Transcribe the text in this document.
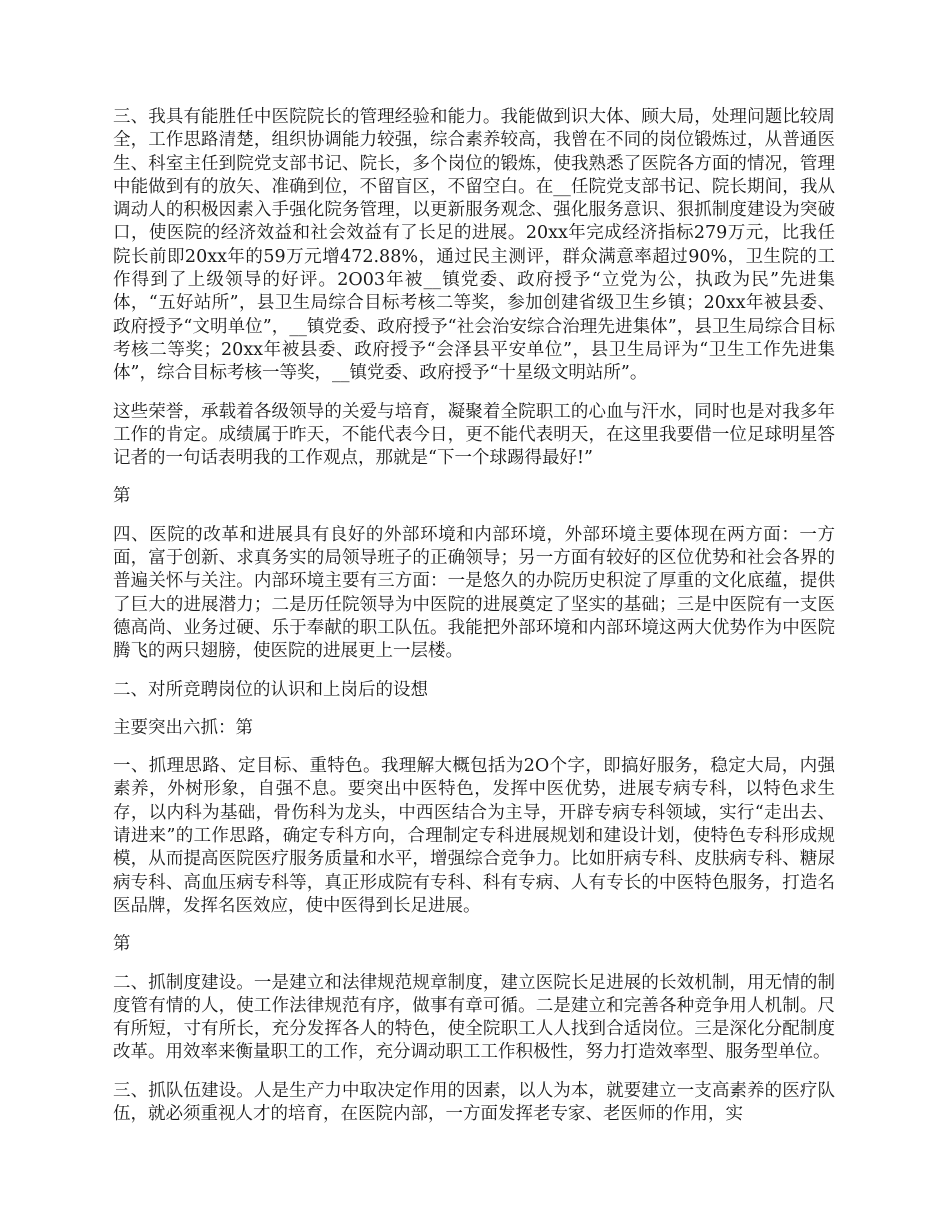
三、我具有能胜任中医院院长的管理经验和能力。我能做到识大体、顾大局，处理问题比较周全，工作思路清楚，组织协调能力较强，综合素养较高，我曾在不同的岗位锻炼过，从普通医生、科室主任到院党支部书记、院长，多个岗位的锻炼，使我熟悉了医院各方面的情况，管理中能做到有的放矢、准确到位，不留盲区，不留空白。在__任院党支部书记、院长期间，我从调动人的积极因素入手强化院务管理，以更新服务观念、强化服务意识、狠抓制度建设为突破口，使医院的经济效益和社会效益有了长足的进展。20xx年完成经济指标279万元，比我任院长前即20xx年的59万元增472.88%，通过民主测评，群众满意率超过90%，卫生院的工作得到了上级领导的好评。2O03年被__镇党委、政府授予“立党为公，执政为民”先进集体，“五好站所”，县卫生局综合目标考核二等奖，参加创建省级卫生乡镇；20xx年被县委、政府授予“文明单位”，__镇党委、政府授予“社会治安综合治理先进集体”，县卫生局综合目标考核二等奖；20xx年被县委、政府授予“会泽县平安单位”，县卫生局评为“卫生工作先进集体”，综合目标考核一等奖，__镇党委、政府授予“十星级文明站所”。

这些荣誉，承载着各级领导的关爱与培育，凝聚着全院职工的心血与汗水，同时也是对我多年工作的肯定。成绩属于昨天，不能代表今日，更不能代表明天，在这里我要借一位足球明星答记者的一句话表明我的工作观点，那就是“下一个球踢得最好!”

第

四、医院的改革和进展具有良好的外部环境和内部环境，外部环境主要体现在两方面：一方面，富于创新、求真务实的局领导班子的正确领导；另一方面有较好的区位优势和社会各界的普遍关怀与关注。内部环境主要有三方面：一是悠久的办院历史积淀了厚重的文化底蕴，提供了巨大的进展潜力；二是历任院领导为中医院的进展奠定了坚实的基础；三是中医院有一支医德高尚、业务过硬、乐于奉献的职工队伍。我能把外部环境和内部环境这两大优势作为中医院腾飞的两只翅膀，使医院的进展更上一层楼。

二、对所竞聘岗位的认识和上岗后的设想

主要突出六抓：第

一、抓理思路、定目标、重特色。我理解大概包括为2O个字，即搞好服务，稳定大局，内强素养，外树形象，自强不息。要突出中医特色，发挥中医优势，进展专病专科，以特色求生存，以内科为基础，骨伤科为龙头，中西医结合为主导，开辟专病专科领域，实行“走出去、请进来”的工作思路，确定专科方向，合理制定专科进展规划和建设计划，使特色专科形成规模，从而提高医院医疗服务质量和水平，增强综合竞争力。比如肝病专科、皮肤病专科、糖尿病专科、高血压病专科等，真正形成院有专科、科有专病、人有专长的中医特色服务，打造名医品牌，发挥名医效应，使中医得到长足进展。

第

二、抓制度建设。一是建立和法律规范规章制度，建立医院长足进展的长效机制，用无情的制度管有情的人，使工作法律规范有序，做事有章可循。二是建立和完善各种竞争用人机制。尺有所短，寸有所长，充分发挥各人的特色，使全院职工人人找到合适岗位。三是深化分配制度改革。用效率来衡量职工的工作，充分调动职工工作积极性，努力打造效率型、服务型单位。

三、抓队伍建设。人是生产力中取决定作用的因素，以人为本，就要建立一支高素养的医疗队伍，就必须重视人才的培育，在医院内部，一方面发挥老专家、老医师的作用，实
